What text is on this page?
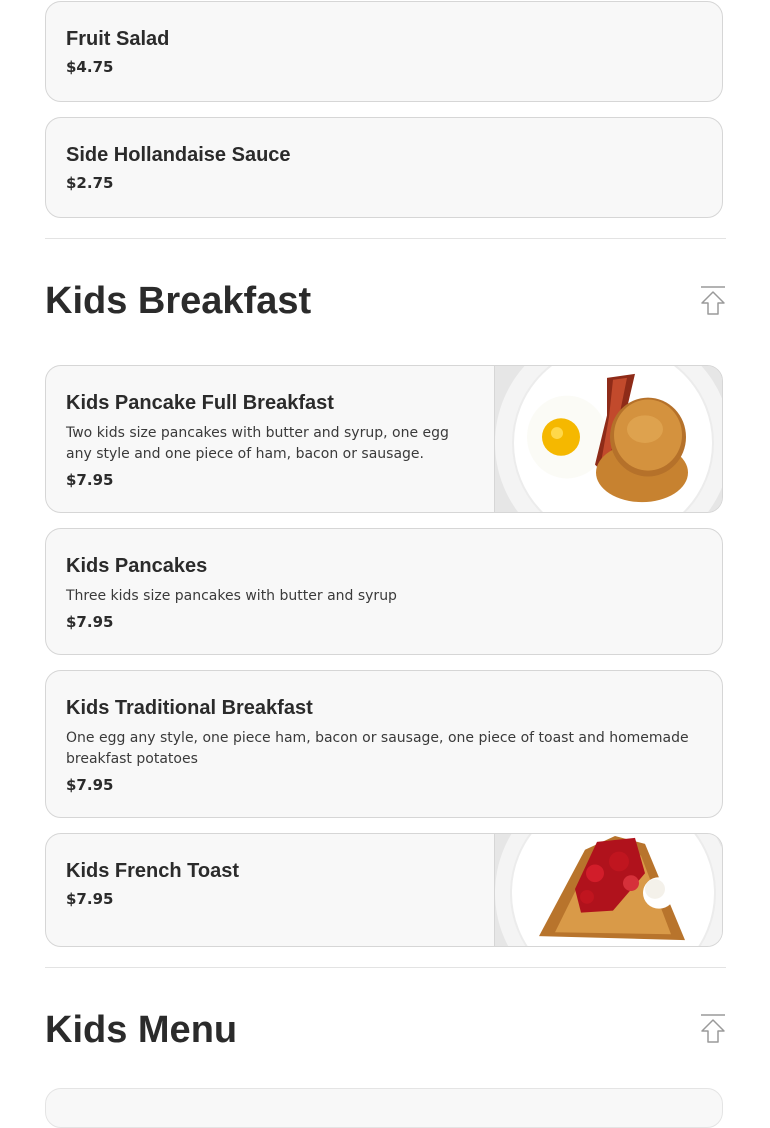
Fruit Salad
$4.75
Side Hollandaise Sauce
$2.75
Kids Breakfast
Kids Pancake Full Breakfast
Two kids size pancakes with butter and syrup, one egg any style and one piece of ham, bacon or sausage.
$7.95
Kids Pancakes
Three kids size pancakes with butter and syrup
$7.95
Kids Traditional Breakfast
One egg any style, one piece ham, bacon or sausage, one piece of toast and homemade breakfast potatoes
$7.95
Kids French Toast
$7.95
Kids Menu
